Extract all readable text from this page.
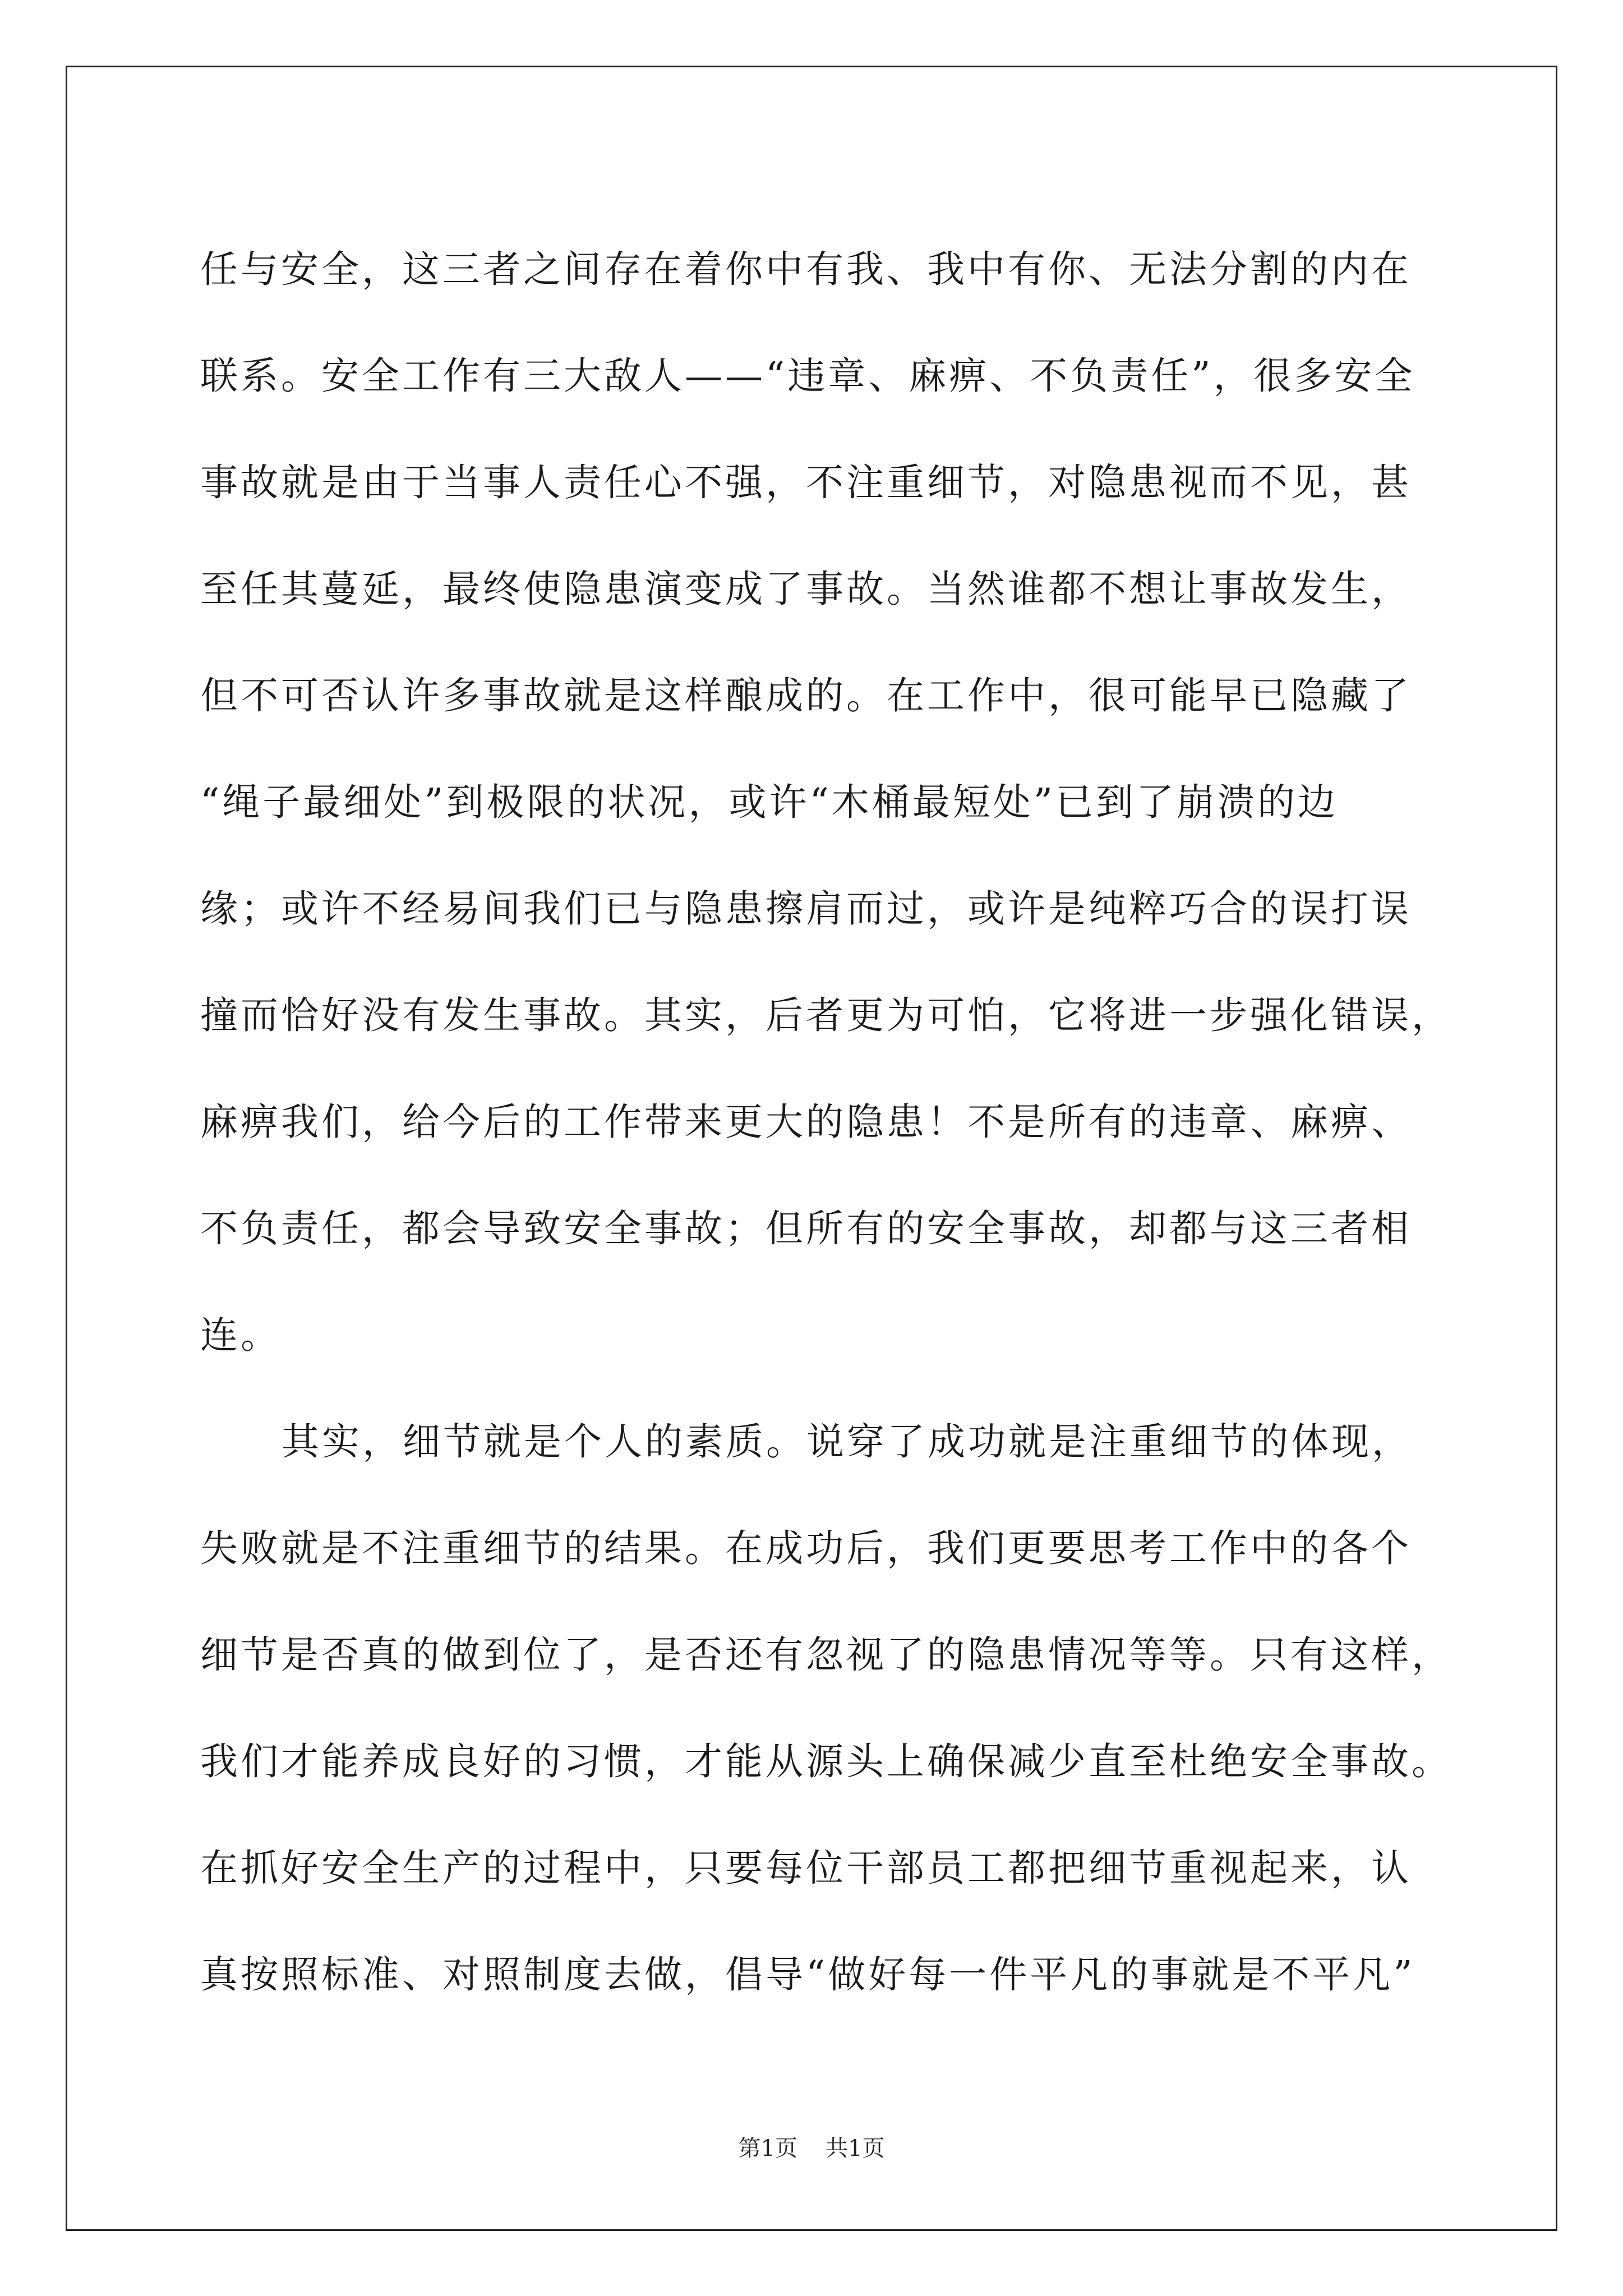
任与安全，这三者之间存在着你中有我、我中有你、无法分割的内在
联系。安全工作有三大敌人——“违章、麻痹、不负责任”，很多安全
事故就是由于当事人责任心不强，不注重细节，对隐患视而不见，甚
至任其蔓延，最终使隐患演变成了事故。当然谁都不想让事故发生，
但不可否认许多事故就是这样酿成的。在工作中，很可能早已隐藏了
“绳子最细处”到极限的状况，或许“木桶最短处”已到了崩溃的边
缘；或许不经易间我们已与隐患擦肩而过，或许是纯粹巧合的误打误
撞而恰好没有发生事故。其实，后者更为可怕，它将进一步强化错误，
麻痹我们，给今后的工作带来更大的隐患！不是所有的违章、麻痹、
不负责任，都会导致安全事故；但所有的安全事故，却都与这三者相
连。

其实，细节就是个人的素质。说穿了成功就是注重细节的体现，
失败就是不注重细节的结果。在成功后，我们更要思考工作中的各个
细节是否真的做到位了，是否还有忽视了的隐患情况等等。只有这样，
我们才能养成良好的习惯，才能从源头上确保减少直至杜绝安全事故。
在抓好安全生产的过程中，只要每位干部员工都把细节重视起来，认
真按照标准、对照制度去做，倡导“做好每一件平凡的事就是不平凡”

第1页 共1页
